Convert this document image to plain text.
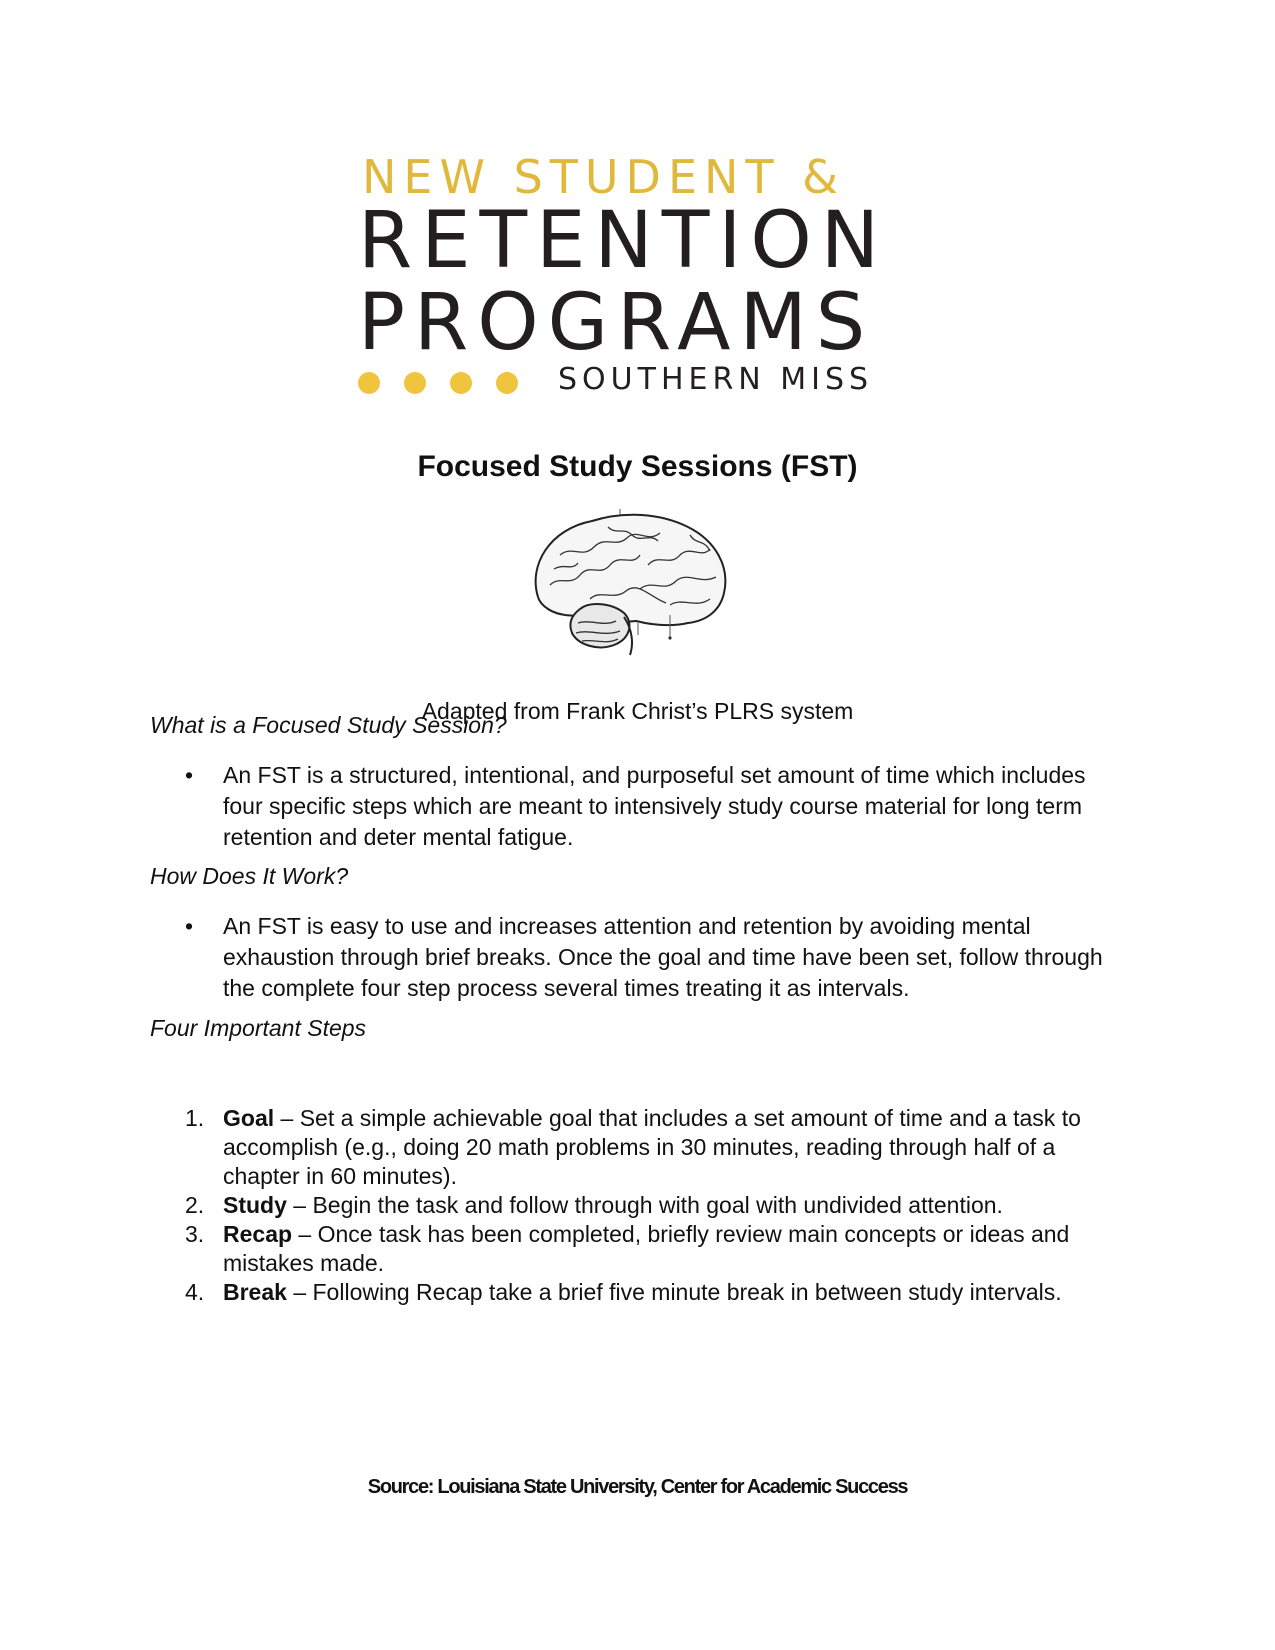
NEW STUDENT &
RETENTION
PROGRAMS
SOUTHERN MISS
Focused Study Sessions (FST)
Adapted from Frank Christ’s PLRS system
What is a Focused Study Session?
• An FST is a structured, intentional, and purposeful set amount of time which includes four specific steps which are meant to intensively study course material for long term retention and deter mental fatigue.
How Does It Work?
• An FST is easy to use and increases attention and retention by avoiding mental exhaustion through brief breaks. Once the goal and time have been set, follow through the complete four step process several times treating it as intervals.
Four Important Steps
1. Goal – Set a simple achievable goal that includes a set amount of time and a task to accomplish (e.g., doing 20 math problems in 30 minutes, reading through half of a chapter in 60 minutes).
2. Study – Begin the task and follow through with goal with undivided attention.
3. Recap – Once task has been completed, briefly review main concepts or ideas and mistakes made.
4. Break – Following Recap take a brief five minute break in between study intervals.
Source: Louisiana State University, Center for Academic Success
